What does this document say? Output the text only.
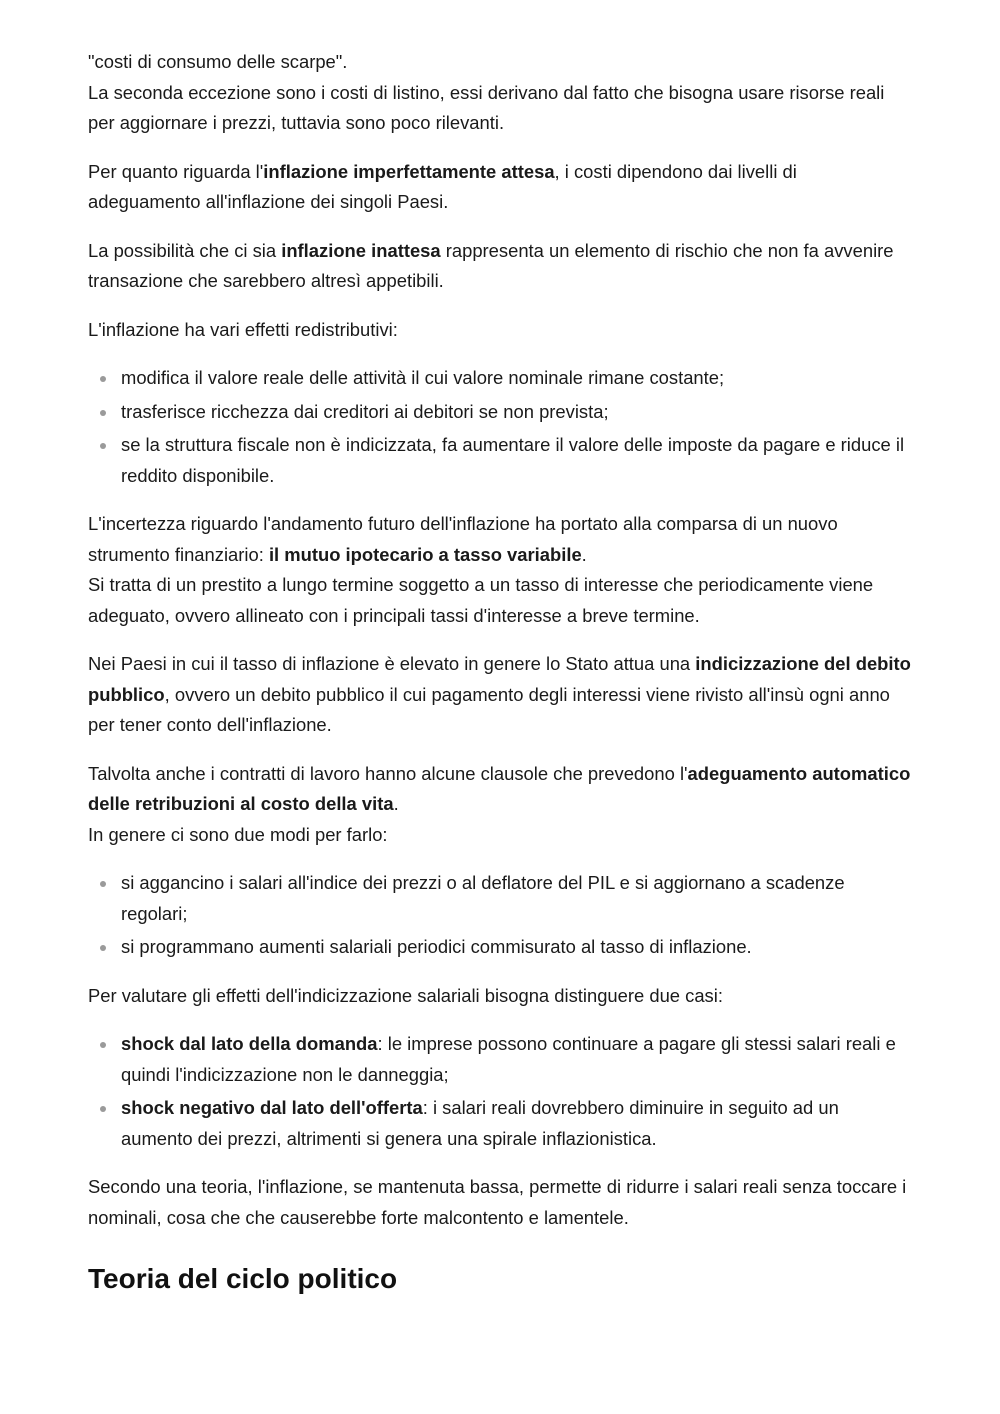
"costi di consumo delle scarpe".
La seconda eccezione sono i costi di listino, essi derivano dal fatto che bisogna usare risorse reali per aggiornare i prezzi, tuttavia sono poco rilevanti.

Per quanto riguarda l'inflazione imperfettamente attesa, i costi dipendono dai livelli di adeguamento all'inflazione dei singoli Paesi.

La possibilità che ci sia inflazione inattesa rappresenta un elemento di rischio che non fa avvenire transazione che sarebbero altresì appetibili.

L'inflazione ha vari effetti redistributivi:

modifica il valore reale delle attività il cui valore nominale rimane costante;
trasferisce ricchezza dai creditori ai debitori se non prevista;
se la struttura fiscale non è indicizzata, fa aumentare il valore delle imposte da pagare e riduce il reddito disponibile.

L'incertezza riguardo l'andamento futuro dell'inflazione ha portato alla comparsa di un nuovo strumento finanziario: il mutuo ipotecario a tasso variabile.
Si tratta di un prestito a lungo termine soggetto a un tasso di interesse che periodicamente viene adeguato, ovvero allineato con i principali tassi d'interesse a breve termine.

Nei Paesi in cui il tasso di inflazione è elevato in genere lo Stato attua una indicizzazione del debito pubblico, ovvero un debito pubblico il cui pagamento degli interessi viene rivisto all'insù ogni anno per tener conto dell'inflazione.

Talvolta anche i contratti di lavoro hanno alcune clausole che prevedono l'adeguamento automatico delle retribuzioni al costo della vita.
In genere ci sono due modi per farlo:

si aggancino i salari all'indice dei prezzi o al deflatore del PIL e si aggiornano a scadenze regolari;
si programmano aumenti salariali periodici commisurato al tasso di inflazione.

Per valutare gli effetti dell'indicizzazione salariali bisogna distinguere due casi:

shock dal lato della domanda: le imprese possono continuare a pagare gli stessi salari reali e quindi l'indicizzazione non le danneggia;
shock negativo dal lato dell'offerta: i salari reali dovrebbero diminuire in seguito ad un aumento dei prezzi, altrimenti si genera una spirale inflazionistica.

Secondo una teoria, l'inflazione, se mantenuta bassa, permette di ridurre i salari reali senza toccare i nominali, cosa che che causerebbe forte malcontento e lamentele.

Teoria del ciclo politico
